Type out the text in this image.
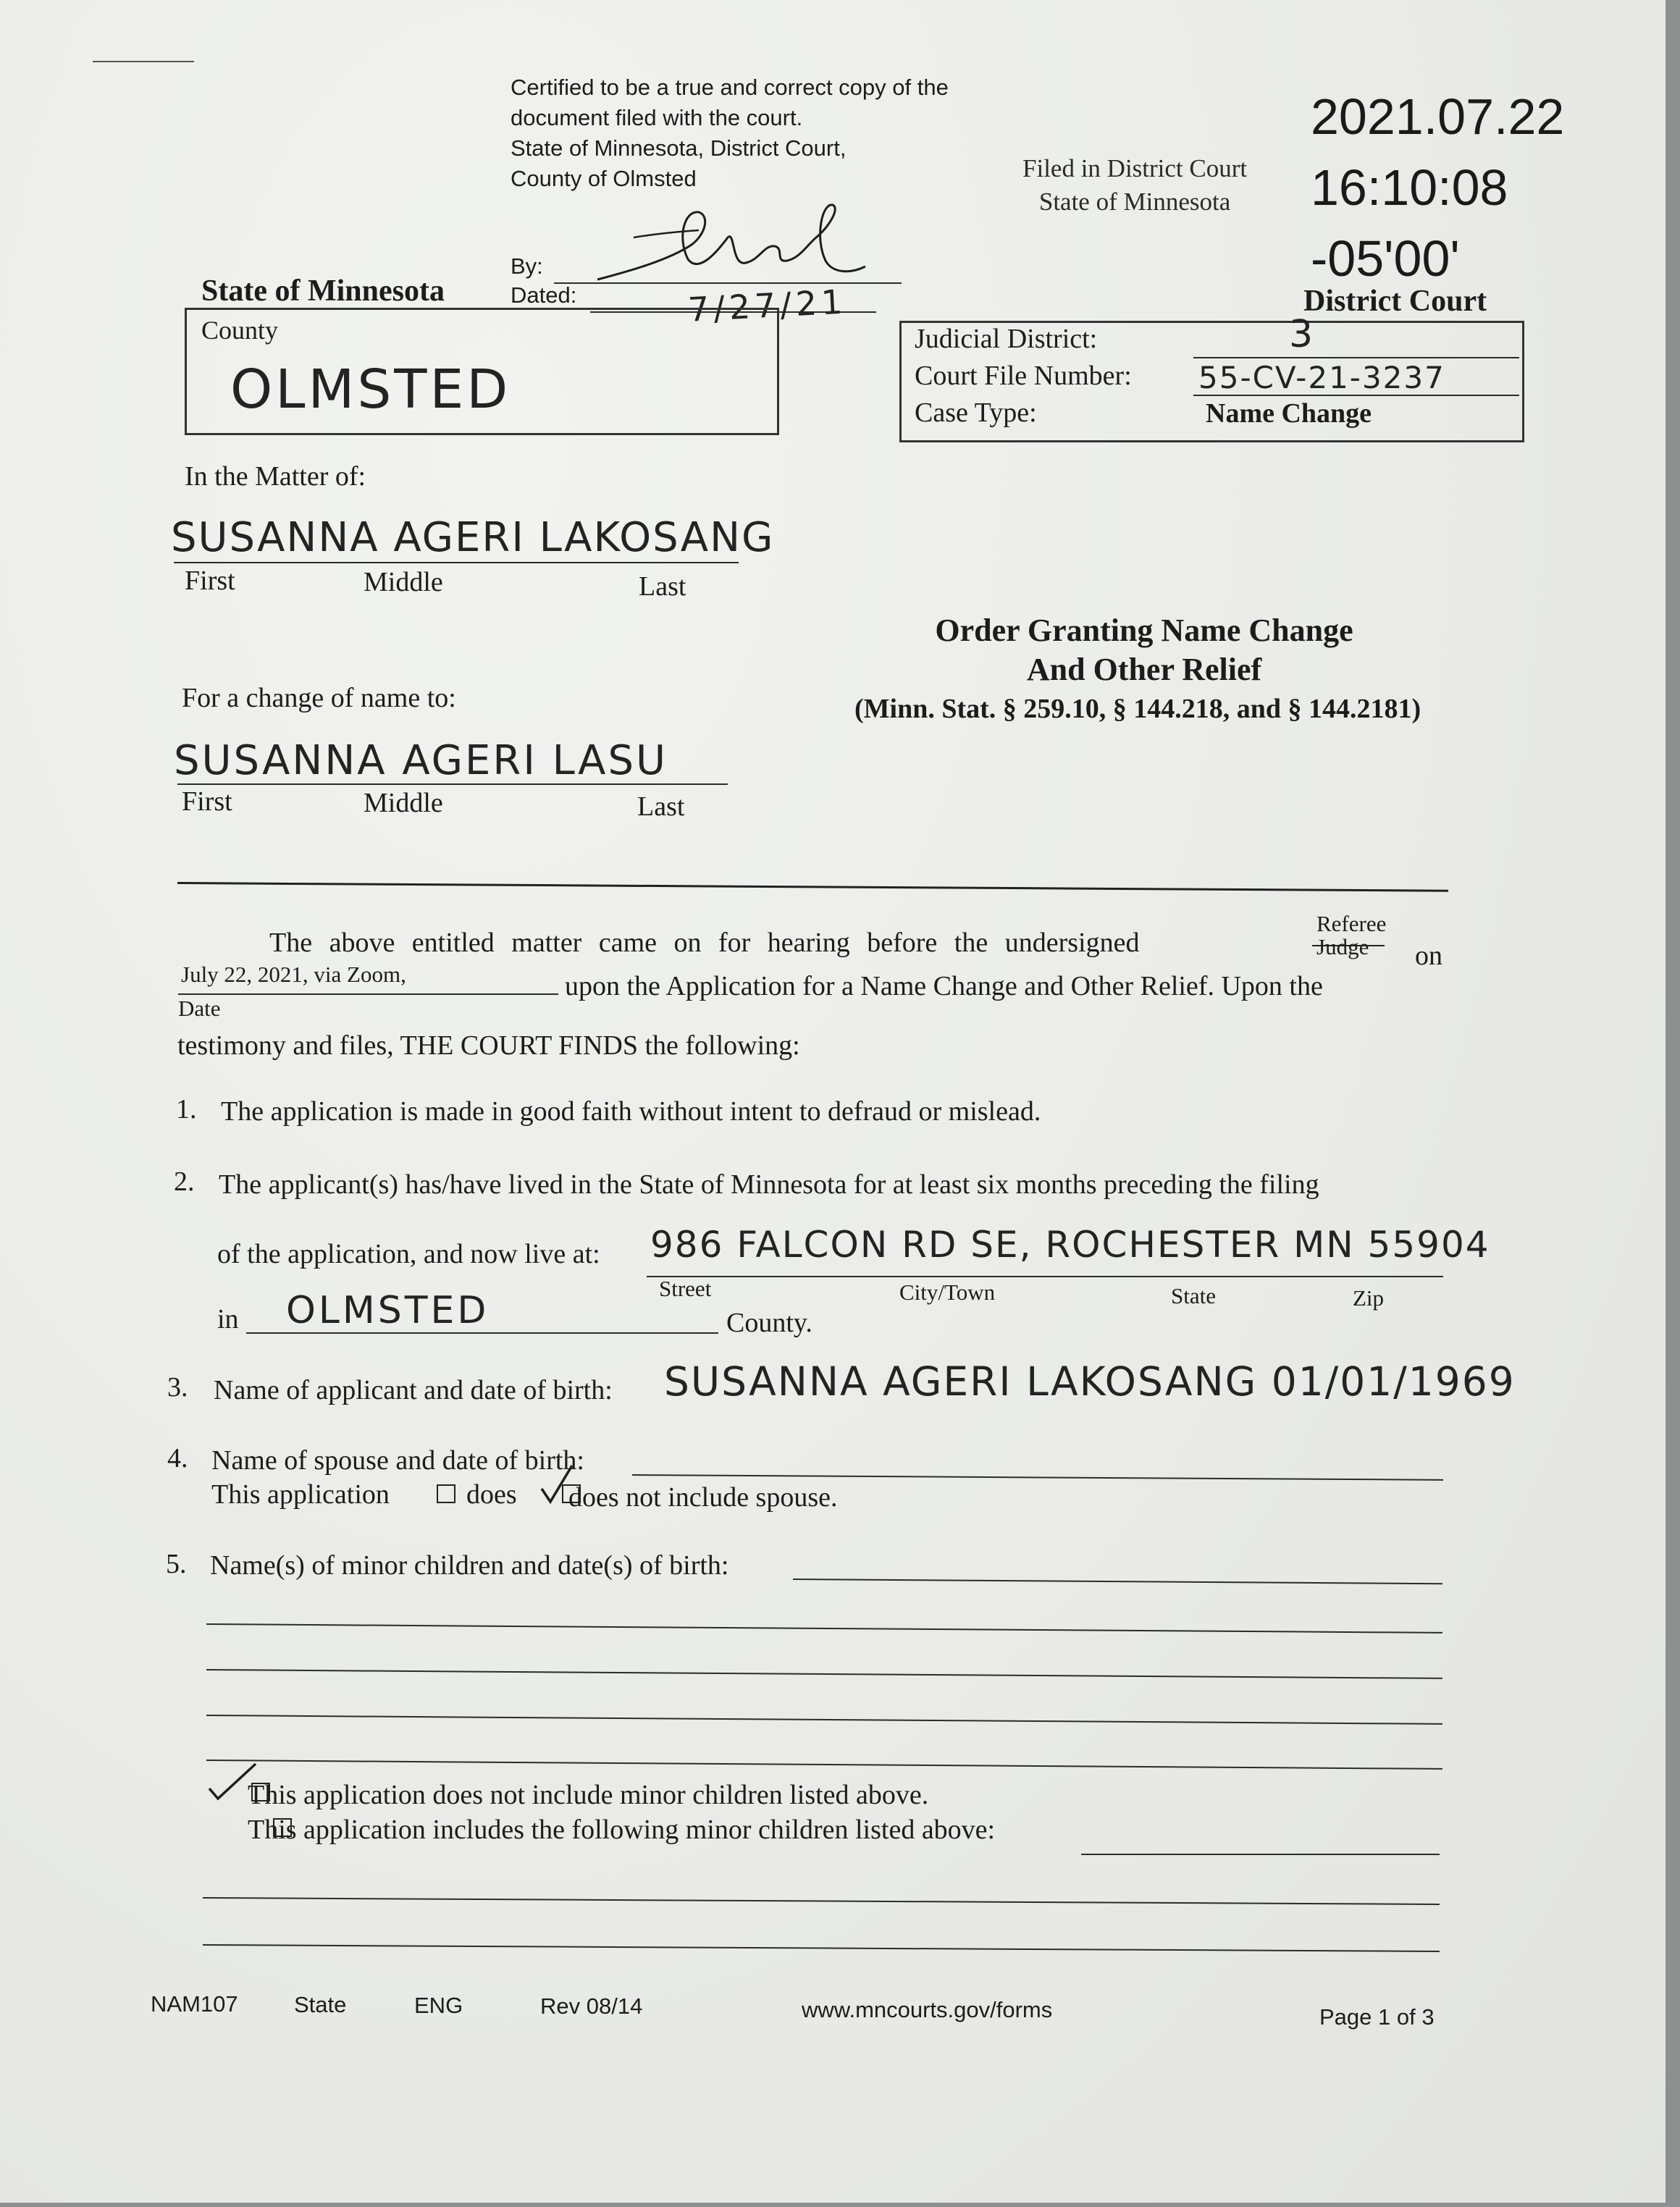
Certified to be a true and correct copy of the
document filed with the court.
State of Minnesota, District Court,
County of Olmsted
By:
Dated:	7/27/21
Filed in District Court
State of Minnesota
2021.07.22
16:10:08
-05'00'
State of Minnesota	District Court
County
OLMSTED
Judicial District:	3
Court File Number: 55-CV-21-3237
Case Type:	Name Change
In the Matter of:
SUSANNA AGERI LAKOSANG
First	Middle	Last
Order Granting Name Change
And Other Relief
(Minn. Stat. § 259.10, § 144.218, and § 144.2181)
For a change of name to:
SUSANNA AGERI LASU
First	Middle	Last
The above entitled matter came on for hearing before the undersigned
Referee
Judge on
July 22, 2021, via Zoom,	upon the Application for a Name Change and Other Relief. Upon the
Date
testimony and files, THE COURT FINDS the following:
1. The application is made in good faith without intent to defraud or mislead.
2. The applicant(s) has/have lived in the State of Minnesota for at least six months preceding the filing
of the application, and now live at: 986 FALCON RD SE, ROCHESTER MN 55904
Street	City/Town	State	Zip
in OLMSTED	County.
3. Name of applicant and date of birth: SUSANNA AGERI LAKOSANG 01/01/1969
4. Name of spouse and date of birth:
This application
	does
does not include spouse.
5. Name(s) of minor children and date(s) of birth:

This application does not include minor children listed above.
This application includes the following minor children listed above:
NAM107 State	ENG	Rev 08/14	www.mncourts.gov/forms	Page 1 of 3
